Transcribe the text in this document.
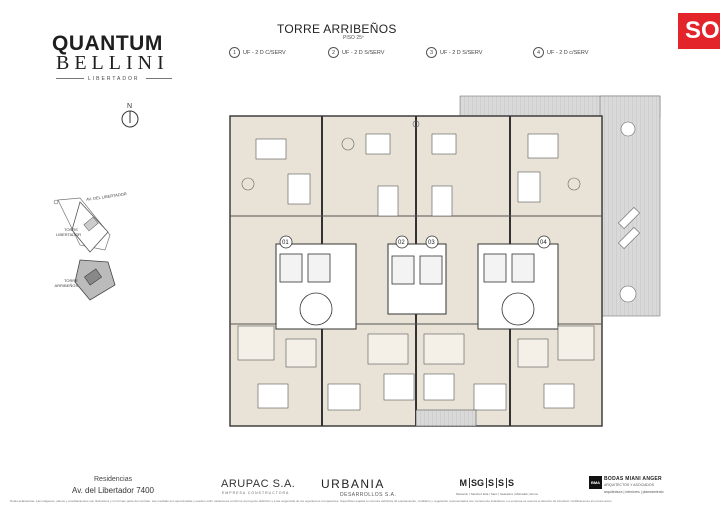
QUANTUM
BELLINI
LIBERTADOR
TORRE ARRIBEÑOS
PISO 25º
1	UF - 2 D C/SERV	2	UF - 2 D S/SERV	3	UF - 2 D S/SERV	4	UF - 2 D c/SERV
SO
N
AV. DEL LIBERTADOR
TORRE LIBERTADOR
TORRE ARRIBEÑOS
01	02	03	04
Residencias
Av. del Libertador 7400
ARUPAC S.A.
EMPRESA CONSTRUCTORA
URBANIA
DESARROLLOS S.A.
M SG S S S
Mosteirin | Sánchez Elía | Sanz | Saavedra | Mohadeb | Ercus
BMA
BODAS MIANI ANGER
ARQUITECTOS Y ASOCIADOS
arquitectura | interiores | planeamiento
Notas aclaratorias: Las imágenes, planos y amoblamientos son ilustrativos y no forman parte del contrato. Las medidas son aproximadas y pueden sufrir variaciones conforme al proyecto definitivo y a las exigencias de los organismos competentes. Superficies sujetas a mensura definitiva. El equipamiento, mobiliario y vegetación representados son meramente indicativos. La empresa se reserva el derecho de introducir modificaciones sin previo aviso.
